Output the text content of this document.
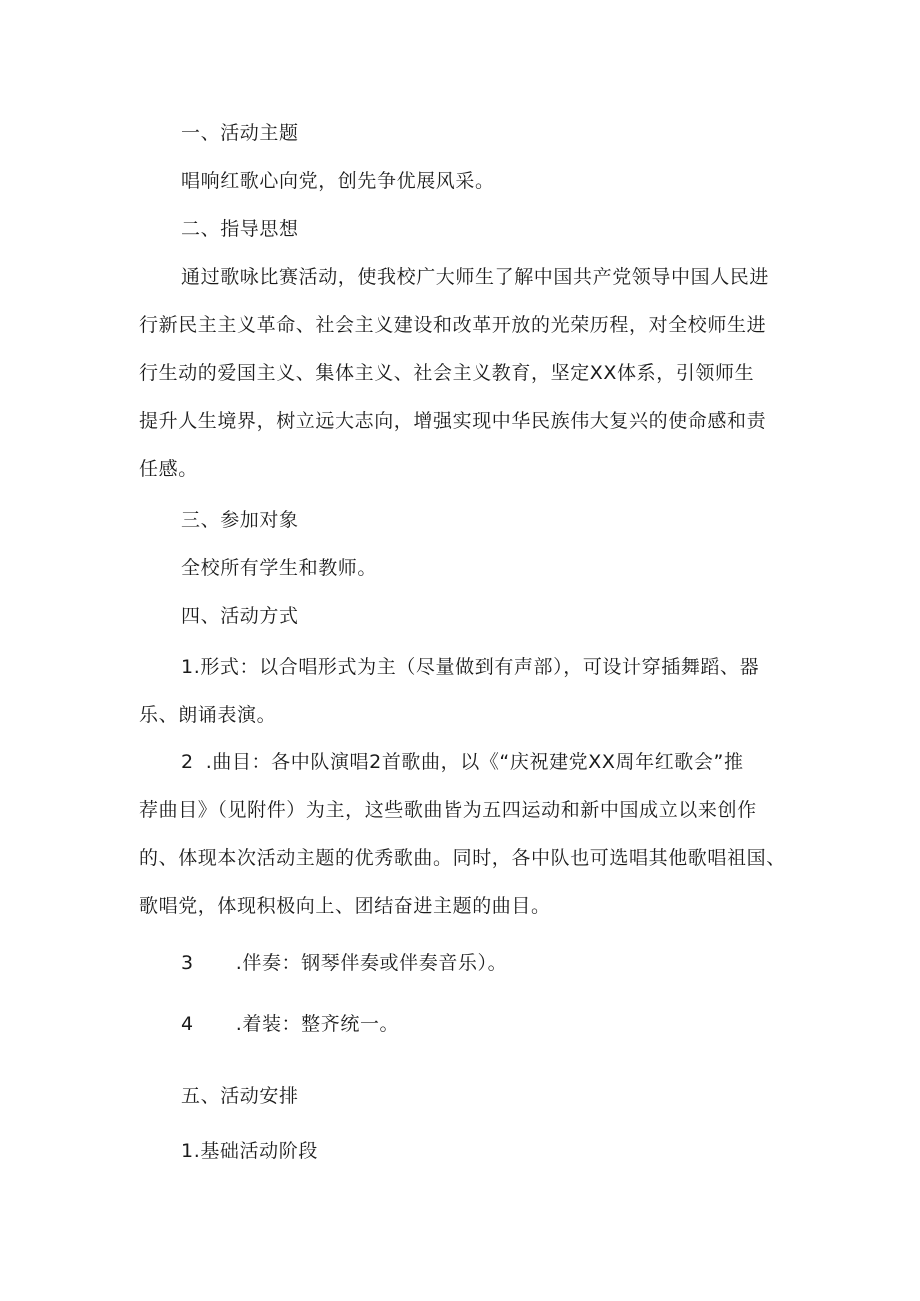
一、活动主题

唱响红歌心向党，创先争优展风采。

二、指导思想

通过歌咏比赛活动，使我校广大师生了解中国共产党领导中国人民进

行新民主主义革命、社会主义建设和改革开放的光荣历程，对全校师生进

行生动的爱国主义、集体主义、社会主义教育，坚定XX体系，引领师生

提升人生境界，树立远大志向，增强实现中华民族伟大复兴的使命感和责

任感。

三、参加对象

全校所有学生和教师。

四、活动方式

1.形式：以合唱形式为主（尽量做到有声部），可设计穿插舞蹈、器

乐、朗诵表演。

2 .曲目：各中队演唱2首歌曲，以《“庆祝建党XX周年红歌会”推

荐曲目》（见附件）为主，这些歌曲皆为五四运动和新中国成立以来创作

的、体现本次活动主题的优秀歌曲。同时，各中队也可选唱其他歌唱祖国、

歌唱党，体现积极向上、团结奋进主题的曲目。

3 .伴奏：钢琴伴奏或伴奏音乐）。

4 .着装：整齐统一。

五、活动安排

1.基础活动阶段
